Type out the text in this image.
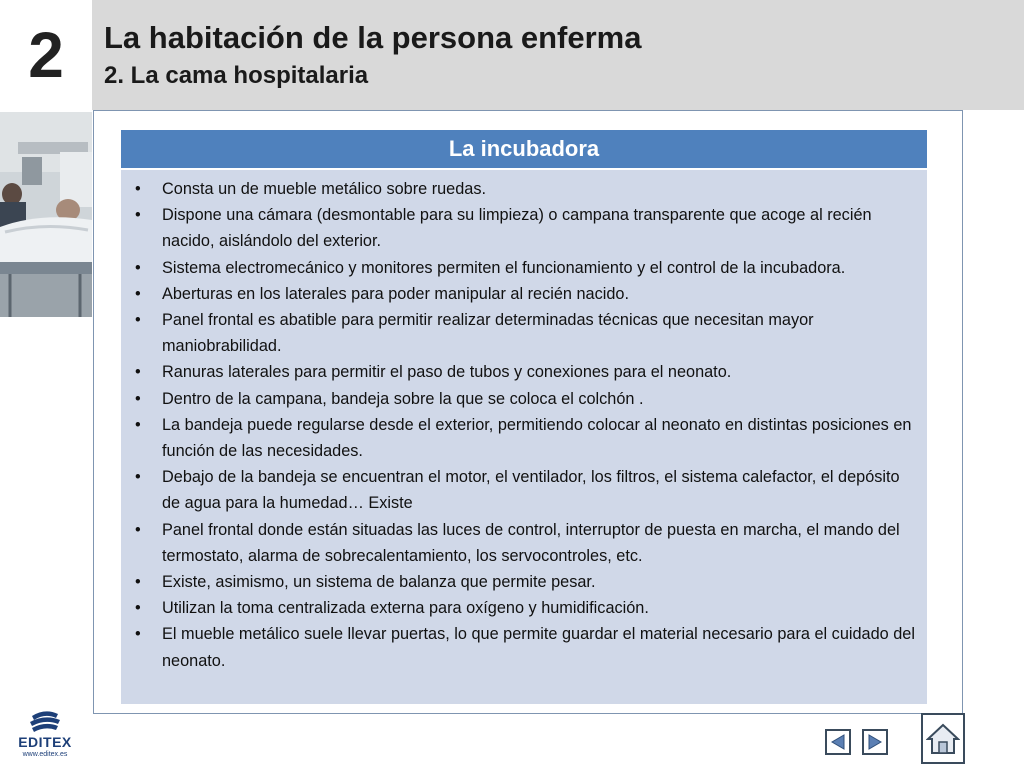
2	La habitación de la persona enferma
2. La cama hospitalaria
La incubadora
• Consta un de mueble metálico sobre ruedas.
• Dispone una cámara (desmontable para su limpieza) o campana transparente que acoge al recién nacido, aislándolo del exterior.
• Sistema electromecánico y monitores permiten el funcionamiento y el control de la incubadora.
• Aberturas en los laterales para poder manipular al recién nacido.
• Panel frontal es abatible para permitir realizar determinadas técnicas que necesitan mayor maniobrabilidad.
• Ranuras laterales para permitir el paso de tubos y conexiones para el neonato.
• Dentro de la campana, bandeja sobre la que se coloca el colchón .
• La bandeja puede regularse desde el exterior, permitiendo colocar al neonato en distintas posiciones en función de las necesidades.
• Debajo de la bandeja se encuentran el motor, el ventilador, los filtros, el sistema calefactor, el depósito de agua para la humedad… Existe
• Panel frontal donde están situadas las luces de control, interruptor de puesta en marcha, el mando del termostato, alarma de sobrecalentamiento, los servocontroles, etc.
• Existe, asimismo, un sistema de balanza que permite pesar.
• Utilizan la toma centralizada externa para oxígeno y humidificación.
• El mueble metálico suele llevar puertas, lo que permite guardar el material necesario para el cuidado del neonato.
EDITEX
www.editex.es
